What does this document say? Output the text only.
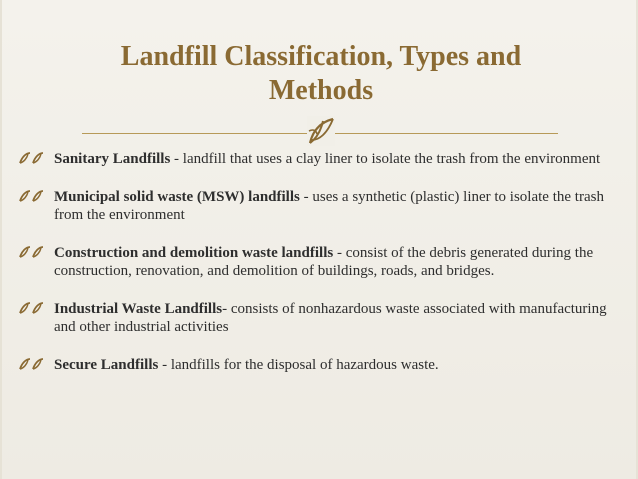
Landfill Classification, Types and
Methods
Sanitary Landfills - landfill that uses a clay liner to isolate the trash from the environment
Municipal solid waste (MSW) landfills - uses a synthetic (plastic) liner to isolate the trash from the environment
Construction and demolition waste landfills - consist of the debris generated during the construction, renovation, and demolition of buildings, roads, and bridges.
Industrial Waste Landfills- consists of nonhazardous waste associated with manufacturing and other industrial activities
Secure Landfills - landfills for the disposal of hazardous waste.
